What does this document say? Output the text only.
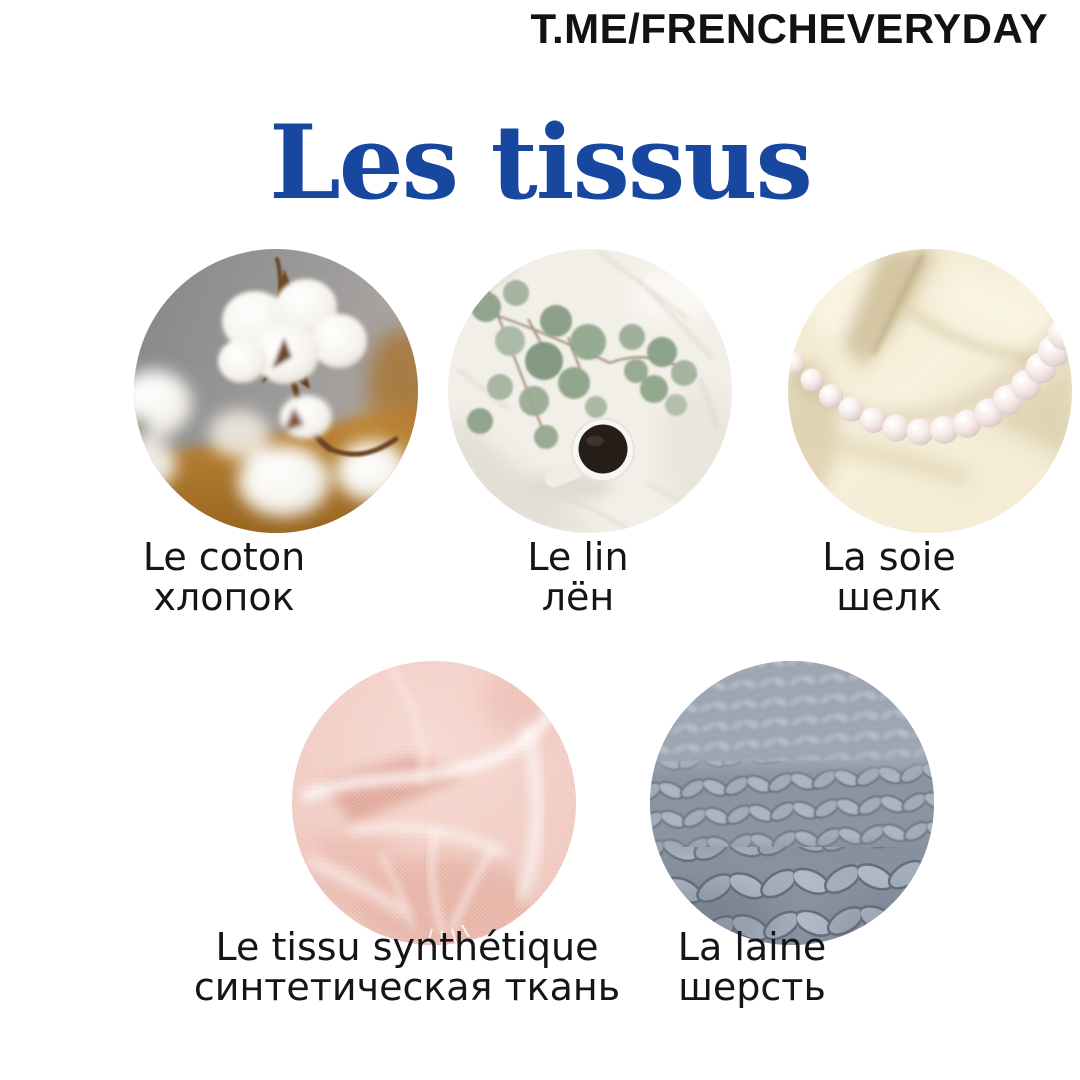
T.ME/FRENCHEVERYDAY
Les tissus
Le coton
хлопок
Le lin
лён
La soie
шелк
Le tissu synthétique
синтетическая ткань
La laine
шерсть
